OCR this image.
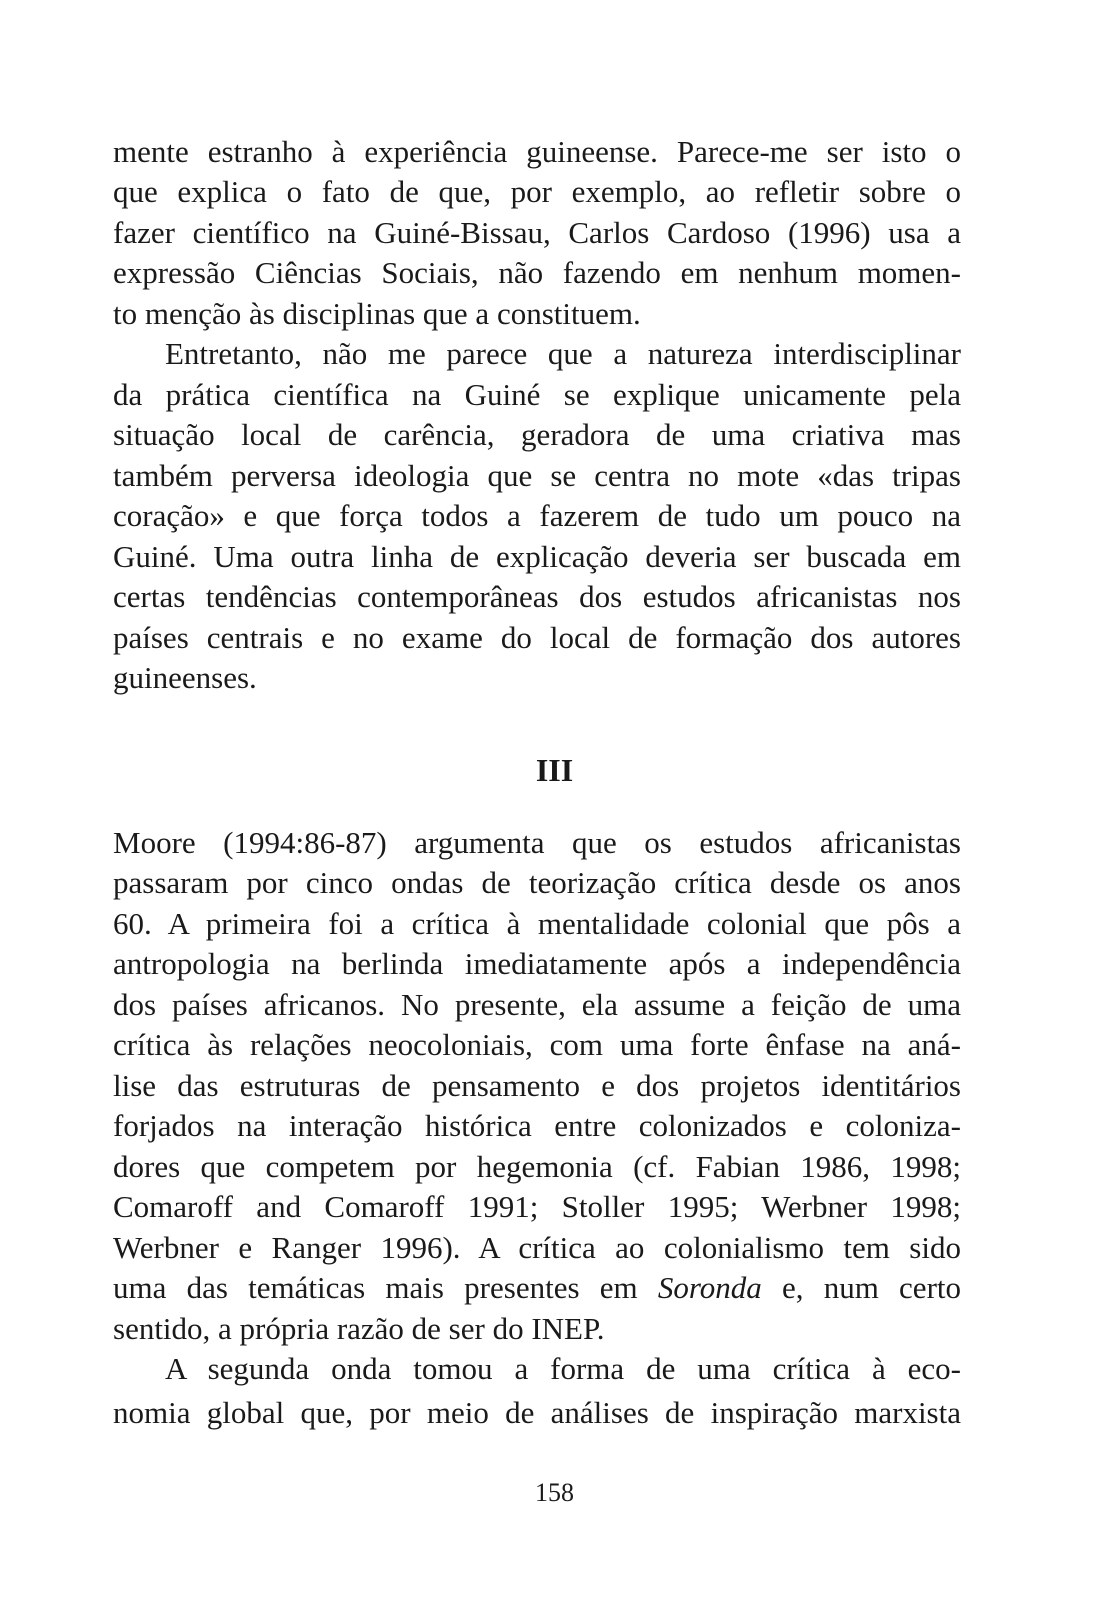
mente estranho à experiência guineense. Parece-me ser isto o
que explica o fato de que, por exemplo, ao refletir sobre o
fazer científico na Guiné-Bissau, Carlos Cardoso (1996) usa a
expressão Ciências Sociais, não fazendo em nenhum momen-
to menção às disciplinas que a constituem.
Entretanto, não me parece que a natureza interdisciplinar
da prática científica na Guiné se explique unicamente pela
situação local de carência, geradora de uma criativa mas
também perversa ideologia que se centra no mote «das tripas
coração» e que força todos a fazerem de tudo um pouco na
Guiné. Uma outra linha de explicação deveria ser buscada em
certas tendências contemporâneas dos estudos africanistas nos
países centrais e no exame do local de formação dos autores
guineenses.
III
Moore (1994:86-87) argumenta que os estudos africanistas
passaram por cinco ondas de teorização crítica desde os anos
60. A primeira foi a crítica à mentalidade colonial que pôs a
antropologia na berlinda imediatamente após a independência
dos países africanos. No presente, ela assume a feição de uma
crítica às relações neocoloniais, com uma forte ênfase na aná-
lise das estruturas de pensamento e dos projetos identitários
forjados na interação histórica entre colonizados e coloniza-
dores que competem por hegemonia (cf. Fabian 1986, 1998;
Comaroff and Comaroff 1991; Stoller 1995; Werbner 1998;
Werbner e Ranger 1996). A crítica ao colonialismo tem sido
uma das temáticas mais presentes em Soronda e, num certo
sentido, a própria razão de ser do INEP.
A segunda onda tomou a forma de uma crítica à eco-
nomia global que, por meio de análises de inspiração marxista
158
